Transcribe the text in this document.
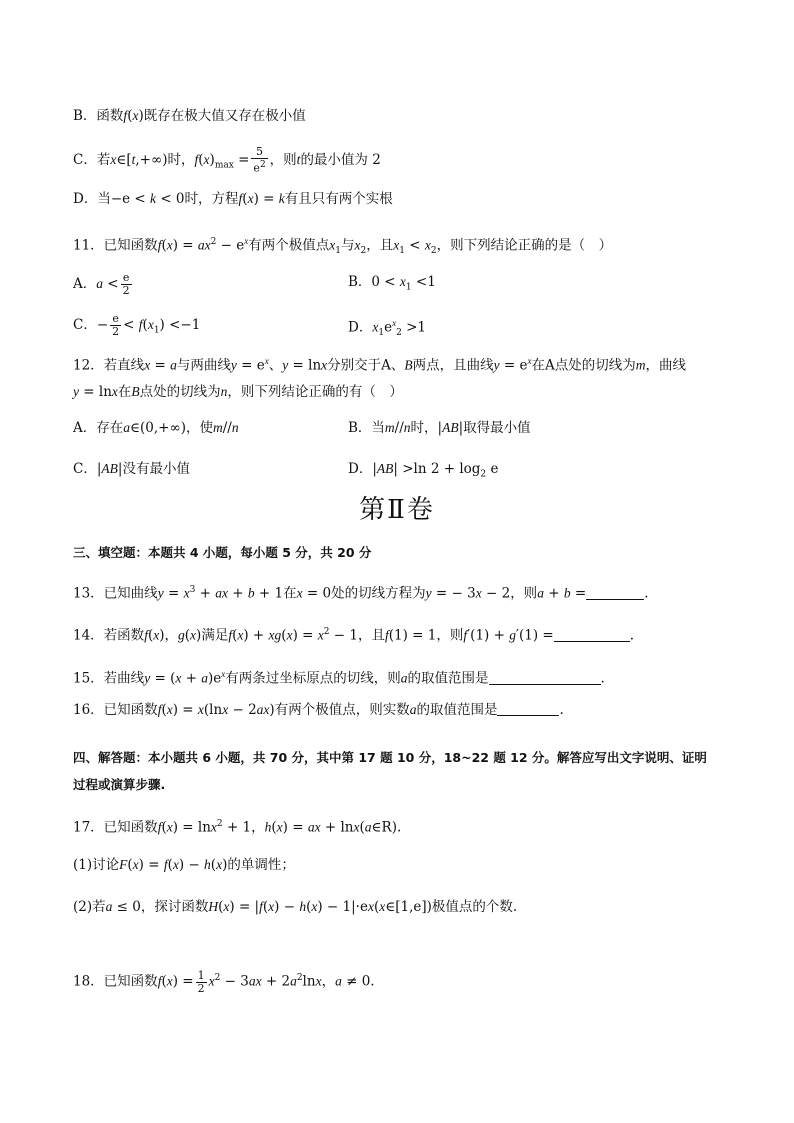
B．函数f(x)既存在极大值又存在极小值
C．若x∈[t,+∞)时，$f(x)_{max} = \frac{5}{e^2}$ ，则t的最小值为 2
D．当−e < k < 0时，方程f(x) = k有且只有两个实根
11．已知函数$f(x) = ax^2 - e^x$有两个极值点$x_1$与$x_2$，且$x_1 < x_2$，则下列结论正确的是（　）
A．$a < \frac{e}{2}$	B．$0 < x_1 <1$
C．− $\frac{e}{2} < f(x_1) <-1$	D．$x_1e^x_2 >1$
12．若直线x = a与两曲线$y = e^x$、y = lnx分别交于A、B两点，且曲线$y = e^x$在A点处的切线为m，曲线
y = lnx在B点处的切线为n，则下列结论正确的有（　）
A．存在a∈(0,+∞)，使m//n	B．当m//n时，|AB|取得最小值
C．|AB|没有最小值	D．|AB| >ln $2 + \log_2 e$
第Ⅱ卷
三、填空题：本题共 4 小题，每小题 5 分，共 20 分
13．已知曲线$y = x^3$ + ax + b + 1在x = 0处的切线方程为y = − 3x − 2，则a + b =	.
14．若函数f(x)，g(x)满足$f(x) + xg(x) = x^2 - 1$，且f(1) = 1，则f′(1) + g′(1) =	.
15．若曲线$y = (x + a)e^x$有两条过坐标原点的切线，则a的取值范围是	.
16．已知函数f(x) = x(lnx − 2ax)有两个极值点，则实数a的取值范围是	.
四、解答题：本小题共 6 小题，共 70 分，其中第 17 题 10 分，18~22 题 12 分。解答应写出文字说明、证明
过程或演算步骤.
17．已知函数f(x) = lnx$^2$ + 1，h(x) = ax + lnx(a∈R).
(1)讨论F(x) = f(x) − h(x)的单调性；
(2)若a ≤ 0，探讨函数H(x) = |f(x) − h(x) − 1|·ex(x∈[1,e])极值点的个数.
18．已知函数$f(x) = \frac{1}{2} x^2 - 3ax + 2a^2\ln x$，a ≠ 0.
